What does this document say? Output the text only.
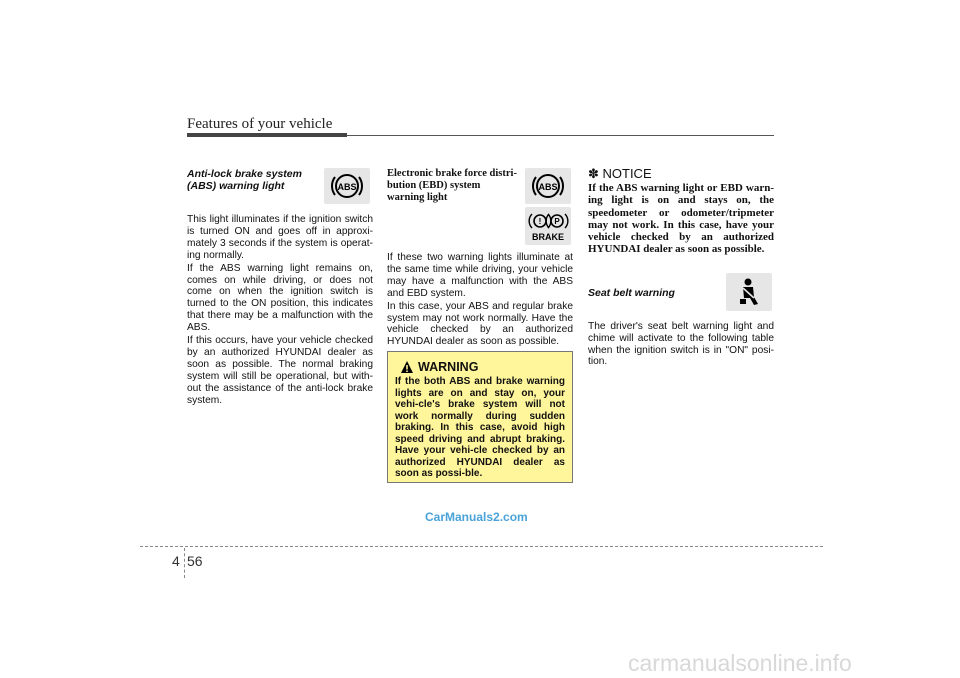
Features of your vehicle

Anti-lock brake system
(ABS) warning light

This light illuminates if the ignition switch is turned ON and goes off in approxi-mately 3 seconds if the system is operat-ing normally.

If the ABS warning light remains on, comes on while driving, or does not come on when the ignition switch is turned to the ON position, this indicates that there may be a malfunction with the ABS.

If this occurs, have your vehicle checked by an authorized HYUNDAI dealer as soon as possible. The normal braking system will still be operational, but with-out the assistance of the anti-lock brake system.

ABS

Electronic brake force distri-bution (EBD) system warning light

If these two warning lights illuminate at the same time while driving, your vehicle may have a malfunction with the ABS and EBD system.

In this case, your ABS and regular brake system may not work normally. Have the vehicle checked by an authorized HYUNDAI dealer as soon as possible.

ABS
! P
BRAKE
WARNING
If the both ABS and brake warning lights are on and stay on, your vehi-cle's brake system will not work normally during sudden braking. In this case, avoid high speed driving and abrupt braking. Have your vehi-cle checked by an authorized HYUNDAI dealer as soon as possi-ble.

✽ NOTICE

If the ABS warning light or EBD warn-ing light is on and stays on, the speedometer or odometer/tripmeter may not work. In this case, have your vehicle checked by an authorized HYUNDAI dealer as soon as possible.

Seat belt warning

The driver's seat belt warning light and chime will activate to the following table when the ignition switch is in "ON" posi-tion.

4 56
CarManuals2.com
carmanualsonline.info
